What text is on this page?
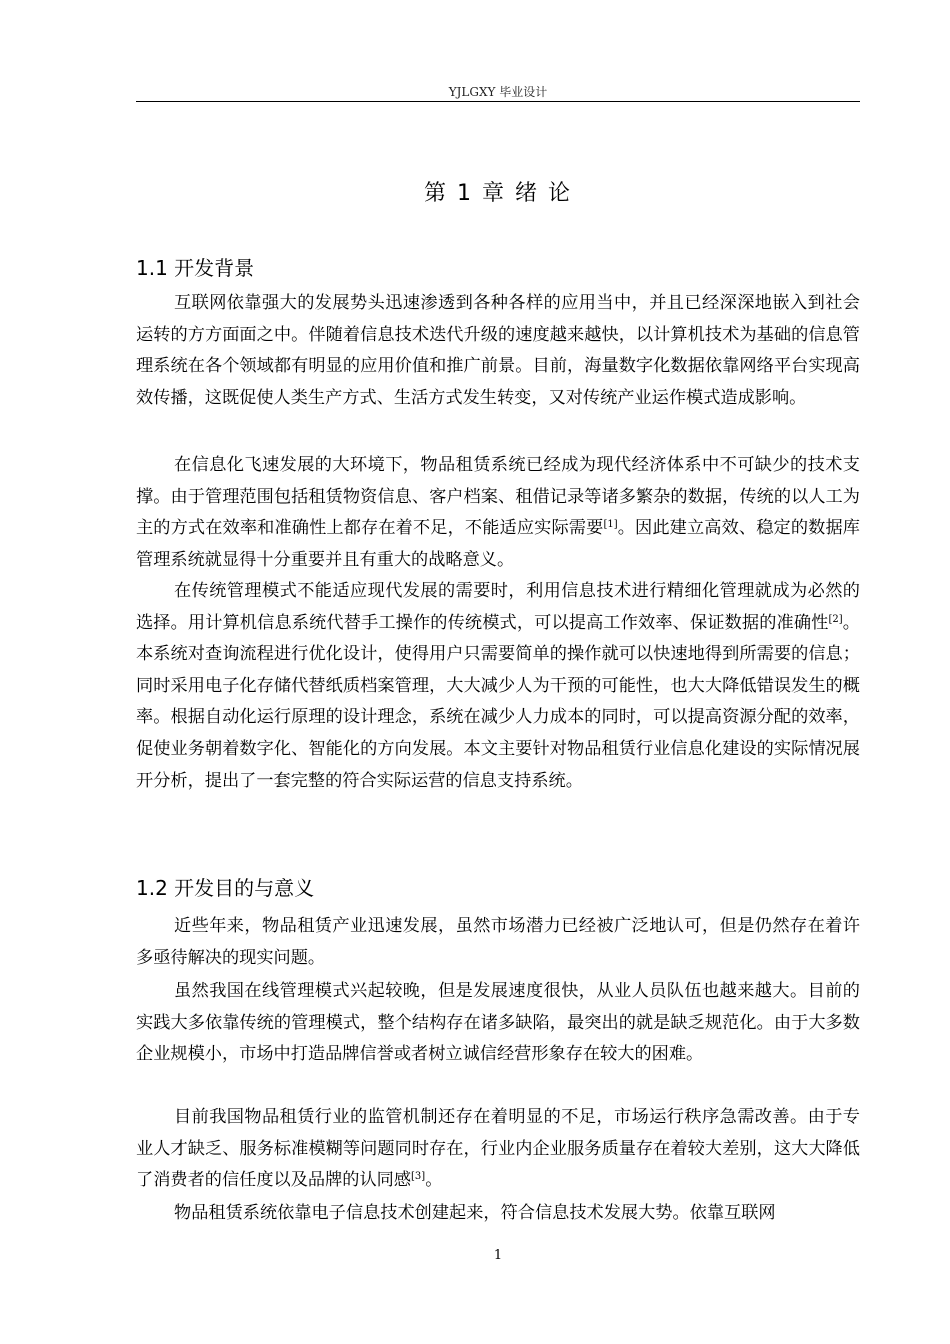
YJLGXY 毕业设计
第 1 章 绪 论
1.1 开发背景

互联网依靠强大的发展势头迅速渗透到各种各样的应用当中，并且已经深深地嵌入到社会运转的方方面面之中。伴随着信息技术迭代升级的速度越来越快，以计算机技术为基础的信息管理系统在各个领域都有明显的应用价值和推广前景。目前，海量数字化数据依靠网络平台实现高效传播，这既促使人类生产方式、生活方式发生转变，又对传统产业运作模式造成影响。

在信息化飞速发展的大环境下，物品租赁系统已经成为现代经济体系中不可缺少的技术支撑。由于管理范围包括租赁物资信息、客户档案、租借记录等诸多繁杂的数据，传统的以人工为主的方式在效率和准确性上都存在着不足，不能适应实际需要[1]。因此建立高效、稳定的数据库管理系统就显得十分重要并且有重大的战略意义。

在传统管理模式不能适应现代发展的需要时，利用信息技术进行精细化管理就成为必然的选择。用计算机信息系统代替手工操作的传统模式，可以提高工作效率、保证数据的准确性[2]。本系统对查询流程进行优化设计，使得用户只需要简单的操作就可以快速地得到所需要的信息；同时采用电子化存储代替纸质档案管理，大大减少人为干预的可能性，也大大降低错误发生的概率。根据自动化运行原理的设计理念，系统在减少人力成本的同时，可以提高资源分配的效率，促使业务朝着数字化、智能化的方向发展。本文主要针对物品租赁行业信息化建设的实际情况展开分析，提出了一套完整的符合实际运营的信息支持系统。

1.2 开发目的与意义

近些年来，物品租赁产业迅速发展，虽然市场潜力已经被广泛地认可，但是仍然存在着许多亟待解决的现实问题。

虽然我国在线管理模式兴起较晚，但是发展速度很快，从业人员队伍也越来越大。目前的实践大多依靠传统的管理模式，整个结构存在诸多缺陷，最突出的就是缺乏规范化。由于大多数企业规模小，市场中打造品牌信誉或者树立诚信经营形象存在较大的困难。

目前我国物品租赁行业的监管机制还存在着明显的不足，市场运行秩序急需改善。由于专业人才缺乏、服务标准模糊等问题同时存在，行业内企业服务质量存在着较大差别，这大大降低了消费者的信任度以及品牌的认同感[3]。

物品租赁系统依靠电子信息技术创建起来，符合信息技术发展大势。依靠互联网

1
